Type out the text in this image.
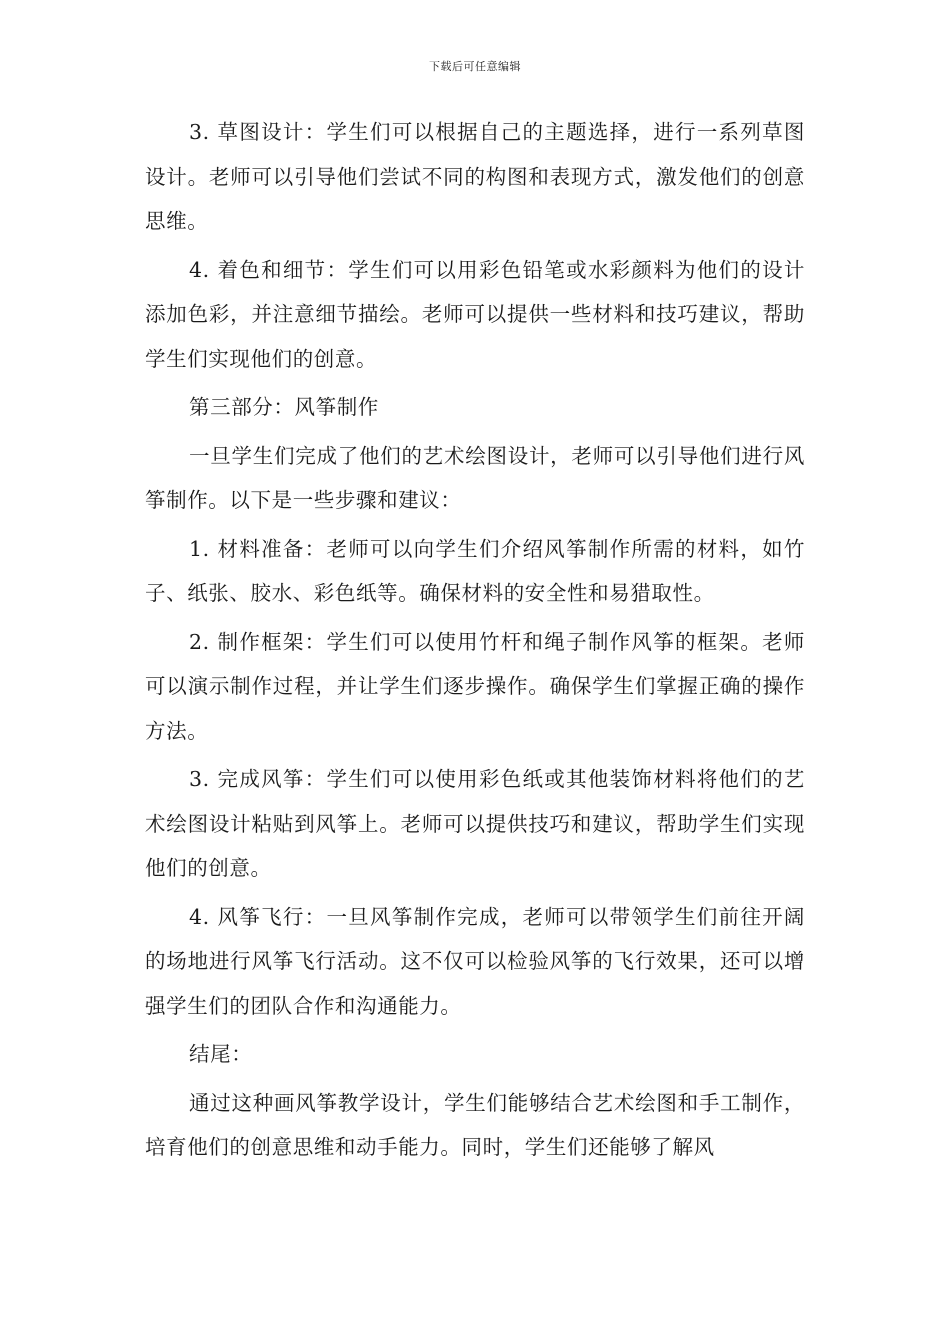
下载后可任意编辑

3. 草图设计：学生们可以根据自己的主题选择，进行一系列草图设计。老师可以引导他们尝试不同的构图和表现方式，激发他们的创意思维。

4. 着色和细节：学生们可以用彩色铅笔或水彩颜料为他们的设计添加色彩，并注意细节描绘。老师可以提供一些材料和技巧建议，帮助学生们实现他们的创意。

第三部分：风筝制作

一旦学生们完成了他们的艺术绘图设计，老师可以引导他们进行风筝制作。以下是一些步骤和建议：

1. 材料准备：老师可以向学生们介绍风筝制作所需的材料，如竹子、纸张、胶水、彩色纸等。确保材料的安全性和易猎取性。

2. 制作框架：学生们可以使用竹杆和绳子制作风筝的框架。老师可以演示制作过程，并让学生们逐步操作。确保学生们掌握正确的操作方法。

3. 完成风筝：学生们可以使用彩色纸或其他装饰材料将他们的艺术绘图设计粘贴到风筝上。老师可以提供技巧和建议，帮助学生们实现他们的创意。

4. 风筝飞行：一旦风筝制作完成，老师可以带领学生们前往开阔的场地进行风筝飞行活动。这不仅可以检验风筝的飞行效果，还可以增强学生们的团队合作和沟通能力。

结尾：

通过这种画风筝教学设计，学生们能够结合艺术绘图和手工制作，培育他们的创意思维和动手能力。同时，学生们还能够了解风
